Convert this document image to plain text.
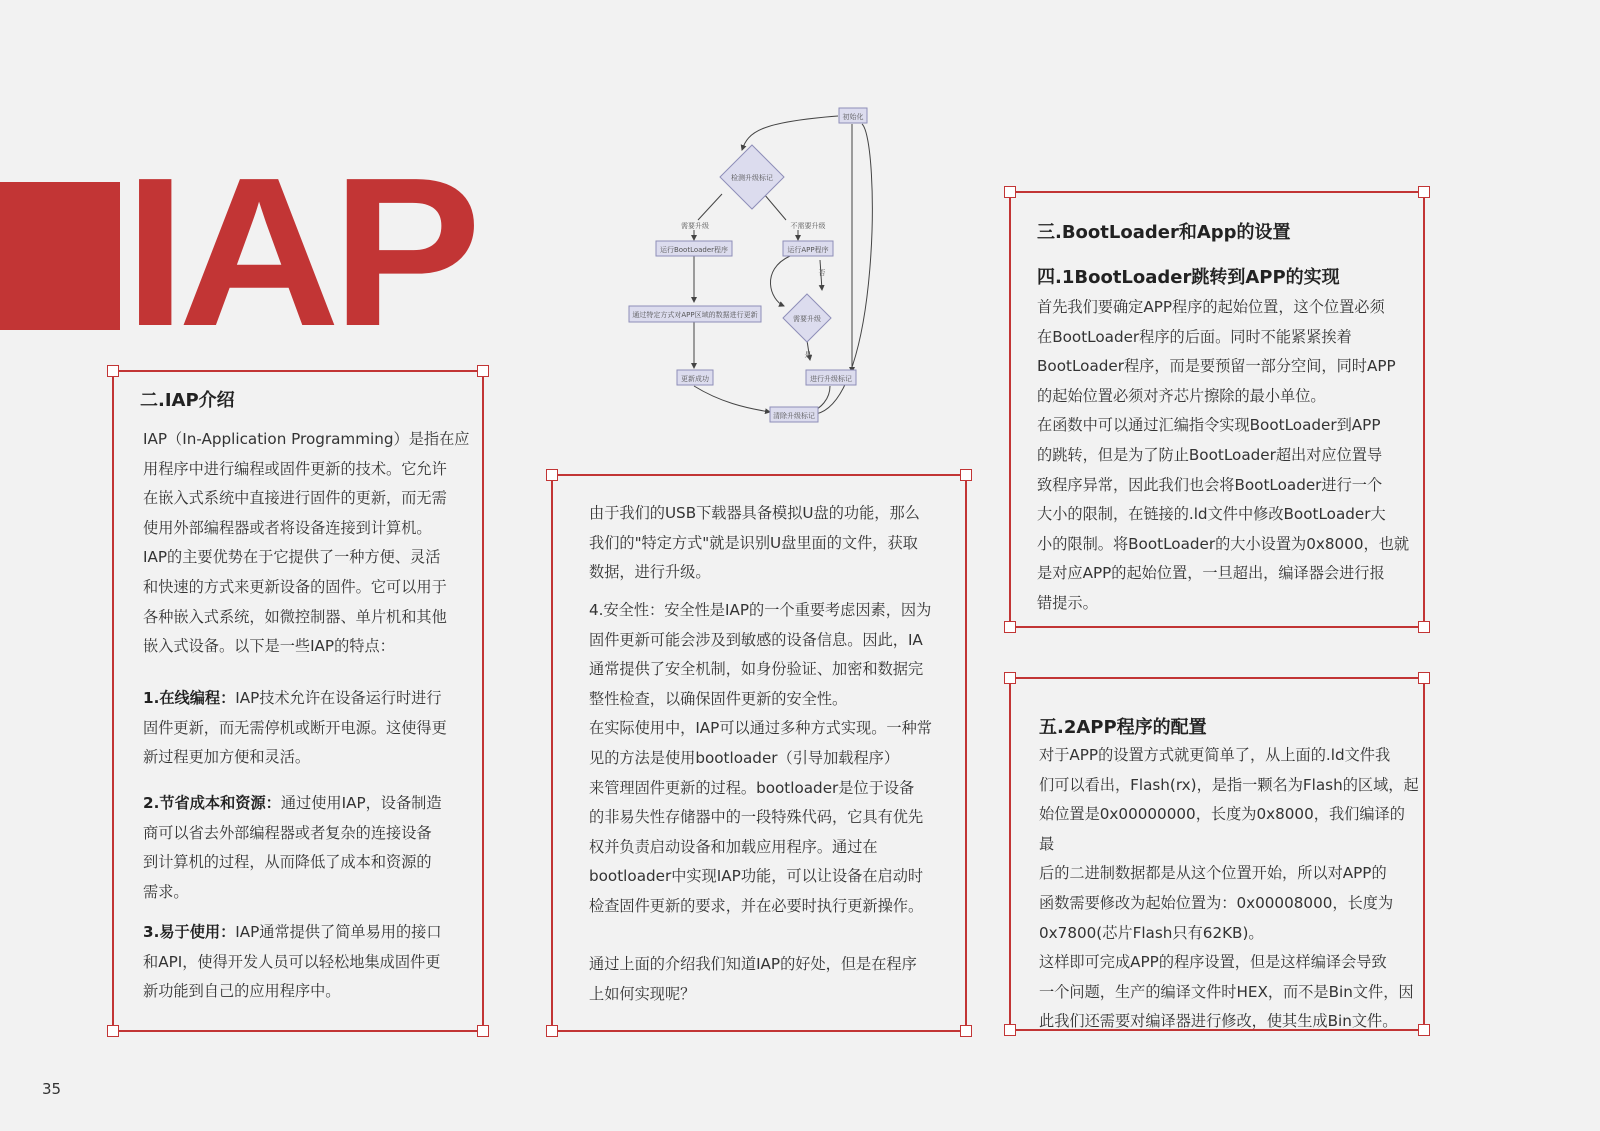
IAP
初始化
检测升级标记
需要升级	不需要升级
运行BootLoader程序	运行APP程序
通过特定方式对APP区域的数据进行更新	需要升级
否
是
更新成功	进行升级标记
清除升级标记
二.IAP介绍
IAP（In-Application Programming）是指在应
用程序中进行编程或固件更新的技术。它允许
在嵌入式系统中直接进行固件的更新，而无需
使用外部编程器或者将设备连接到计算机。
IAP的主要优势在于它提供了一种方便、灵活
和快速的方式来更新设备的固件。它可以用于
各种嵌入式系统，如微控制器、单片机和其他
嵌入式设备。以下是一些IAP的特点：
1.在线编程：IAP技术允许在设备运行时进行
固件更新，而无需停机或断开电源。这使得更
新过程更加方便和灵活。
2.节省成本和资源：通过使用IAP，设备制造
商可以省去外部编程器或者复杂的连接设备
到计算机的过程，从而降低了成本和资源的
需求。
3.易于使用：IAP通常提供了简单易用的接口
和API，使得开发人员可以轻松地集成固件更
新功能到自己的应用程序中。
由于我们的USB下载器具备模拟U盘的功能，那么
我们的"特定方式"就是识别U盘里面的文件，获取
数据，进行升级。
4.安全性：安全性是IAP的一个重要考虑因素，因为
固件更新可能会涉及到敏感的设备信息。因此，IA
通常提供了安全机制，如身份验证、加密和数据完
整性检查，以确保固件更新的安全性。
在实际使用中，IAP可以通过多种方式实现。一种常
见的方法是使用bootloader（引导加载程序）
来管理固件更新的过程。bootloader是位于设备
的非易失性存储器中的一段特殊代码，它具有优先
权并负责启动设备和加载应用程序。通过在
bootloader中实现IAP功能，可以让设备在启动时
检查固件更新的要求，并在必要时执行更新操作。
通过上面的介绍我们知道IAP的好处，但是在程序
上如何实现呢？
三.BootLoader和App的设置
四.1BootLoader跳转到APP的实现
首先我们要确定APP程序的起始位置，这个位置必须
在BootLoader程序的后面。同时不能紧紧挨着
BootLoader程序，而是要预留一部分空间，同时APP
的起始位置必须对齐芯片擦除的最小单位。
在函数中可以通过汇编指令实现BootLoader到APP
的跳转，但是为了防止BootLoader超出对应位置导
致程序异常，因此我们也会将BootLoader进行一个
大小的限制，在链接的.ld文件中修改BootLoader大
小的限制。将BootLoader的大小设置为0x8000，也就
是对应APP的起始位置，一旦超出，编译器会进行报
错提示。
五.2APP程序的配置
对于APP的设置方式就更简单了，从上面的.ld文件我
们可以看出，Flash(rx)，是指一颗名为Flash的区域，起
始位置是0x00000000，长度为0x8000，我们编译的最
后的二进制数据都是从这个位置开始，所以对APP的
函数需要修改为起始位置为：0x00008000，长度为
0x7800(芯片Flash只有62KB)。
这样即可完成APP的程序设置，但是这样编译会导致
一个问题，生产的编译文件时HEX，而不是Bin文件，因
此我们还需要对编译器进行修改，使其生成Bin文件。
35
